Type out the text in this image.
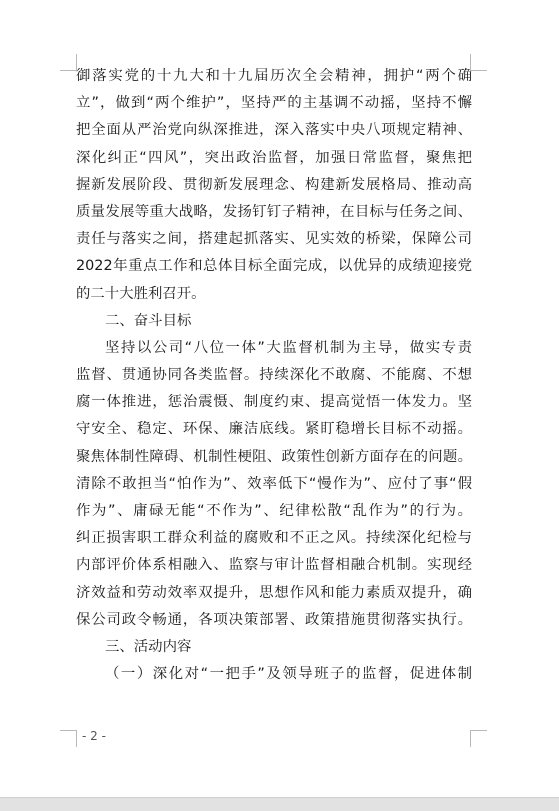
御落实党的十九大和十九届历次全会精神，拥护“两个确
立”，做到“两个维护”，坚持严的主基调不动摇，坚持不懈
把全面从严治党向纵深推进，深入落实中央八项规定精神、
深化纠正“四风”，突出政治监督，加强日常监督，聚焦把
握新发展阶段、贯彻新发展理念、构建新发展格局、推动高
质量发展等重大战略，发扬钉钉子精神，在目标与任务之间、
责任与落实之间，搭建起抓落实、见实效的桥梁，保障公司
2022年重点工作和总体目标全面完成，以优异的成绩迎接党
的二十大胜利召开。
二、奋斗目标
坚持以公司“八位一体”大监督机制为主导，做实专责
监督、贯通协同各类监督。持续深化不敢腐、不能腐、不想
腐一体推进，惩治震慑、制度约束、提高觉悟一体发力。坚
守安全、稳定、环保、廉洁底线。紧盯稳增长目标不动摇。
聚焦体制性障碍、机制性梗阻、政策性创新方面存在的问题。
清除不敢担当“怕作为”、效率低下“慢作为”、应付了事“假
作为”、庸碌无能“不作为”、纪律松散“乱作为”的行为。
纠正损害职工群众利益的腐败和不正之风。持续深化纪检与
内部评价体系相融入、监察与审计监督相融合机制。实现经
济效益和劳动效率双提升，思想作风和能力素质双提升，确
保公司政令畅通，各项决策部署、政策措施贯彻落实执行。
三、活动内容
（一）深化对“一把手”及领导班子的监督，促进体制
- 2 -
